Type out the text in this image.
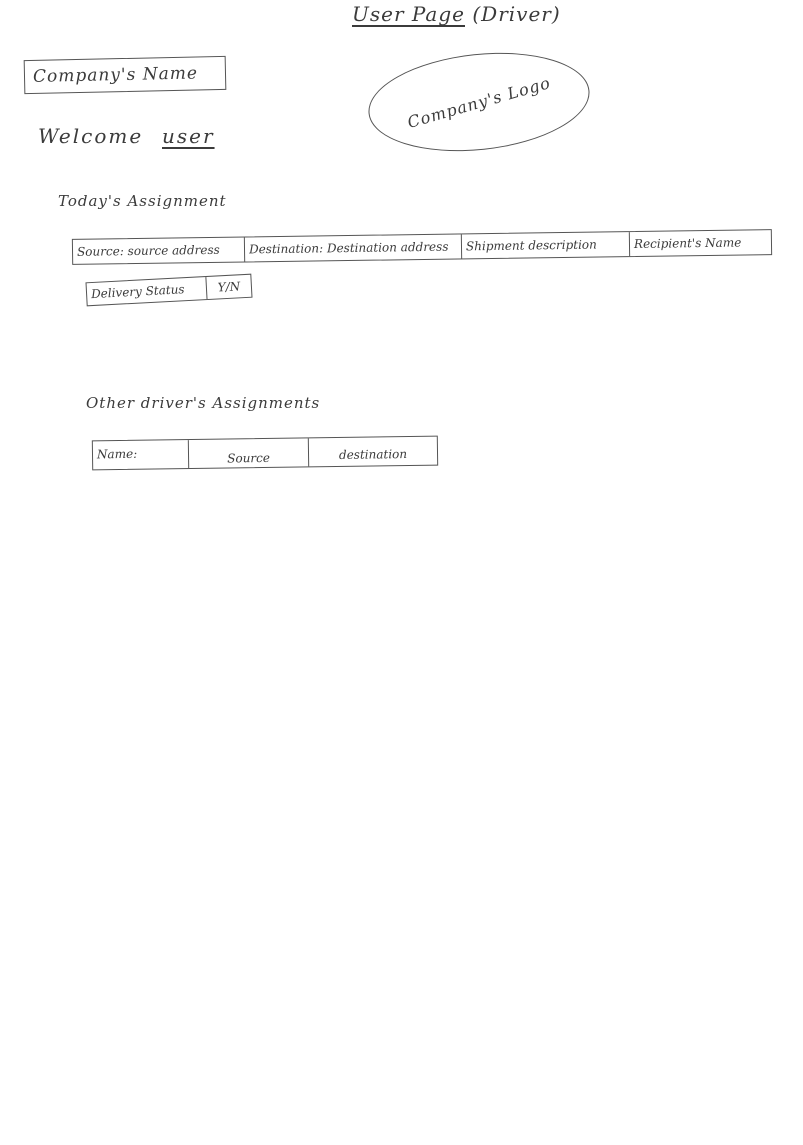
User Page (Driver)
Company's Name	Company's Logo
Welcome user
Today's Assignment
Source: source address	Destination: Destination address	Shipment description	Recipient's Name
Delivery Status	Y/N
Other driver's Assignments
Name:	Source	destination
